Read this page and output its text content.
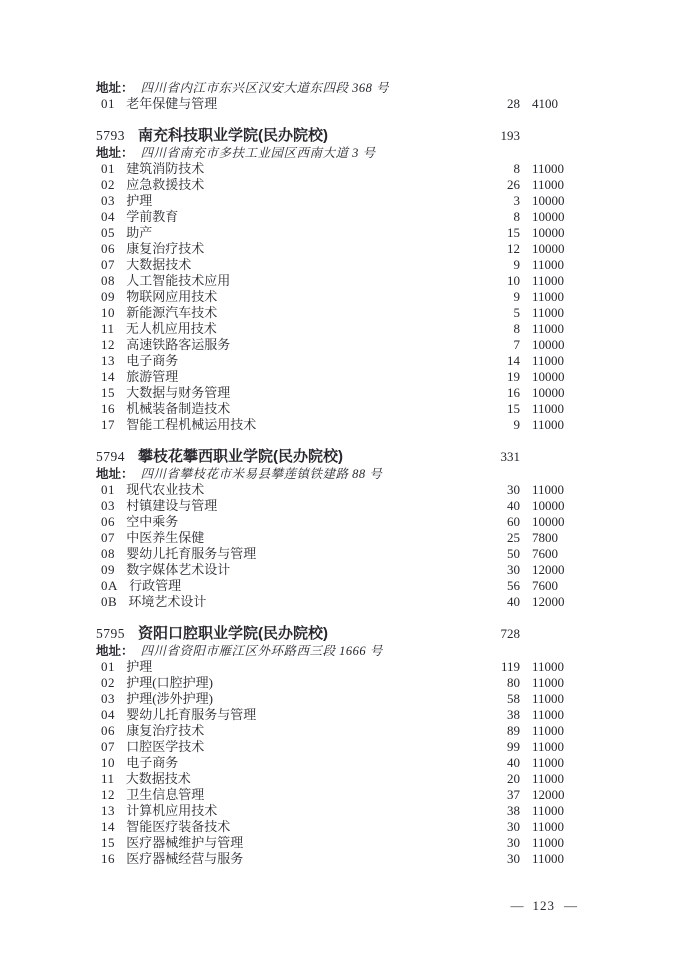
地址： 四川省内江市东兴区汉安大道东四段 368 号
01 老年保健与管理	28 4100
5793 南充科技职业学院(民办院校)	193
地址： 四川省南充市多扶工业园区西南大道 3 号
01 建筑消防技术	8 11000
02 应急救援技术	26 11000
03 护理	3 10000
04 学前教育	8 10000
05 助产	15 10000
06 康复治疗技术	12 10000
07 大数据技术	9 11000
08 人工智能技术应用	10 11000
09 物联网应用技术	9 11000
10 新能源汽车技术	5 11000
11 无人机应用技术	8 11000
12 高速铁路客运服务	7 10000
13 电子商务	14 11000
14 旅游管理	19 10000
15 大数据与财务管理	16 10000
16 机械装备制造技术	15 11000
17 智能工程机械运用技术	9 11000
5794 攀枝花攀西职业学院(民办院校)	331
地址： 四川省攀枝花市米易县攀莲镇铁建路 88 号
01 现代农业技术	30 11000
03 村镇建设与管理	40 10000
06 空中乘务	60 10000
07 中医养生保健	25 7800
08 婴幼儿托育服务与管理	50 7600
09 数字媒体艺术设计	30 12000
0A 行政管理	56 7600
0B 环境艺术设计	40 12000
5795 资阳口腔职业学院(民办院校)	728
地址： 四川省资阳市雁江区外环路西三段 1666 号
01 护理	119 11000
02 护理(口腔护理)	80 11000
03 护理(涉外护理)	58 11000
04 婴幼儿托育服务与管理	38 11000
06 康复治疗技术	89 11000
07 口腔医学技术	99 11000
10 电子商务	40 11000
11 大数据技术	20 11000
12 卫生信息管理	37 12000
13 计算机应用技术	38 11000
14 智能医疗装备技术	30 11000
15 医疗器械维护与管理	30 11000
16 医疗器械经营与服务	30 11000
— 123 —
